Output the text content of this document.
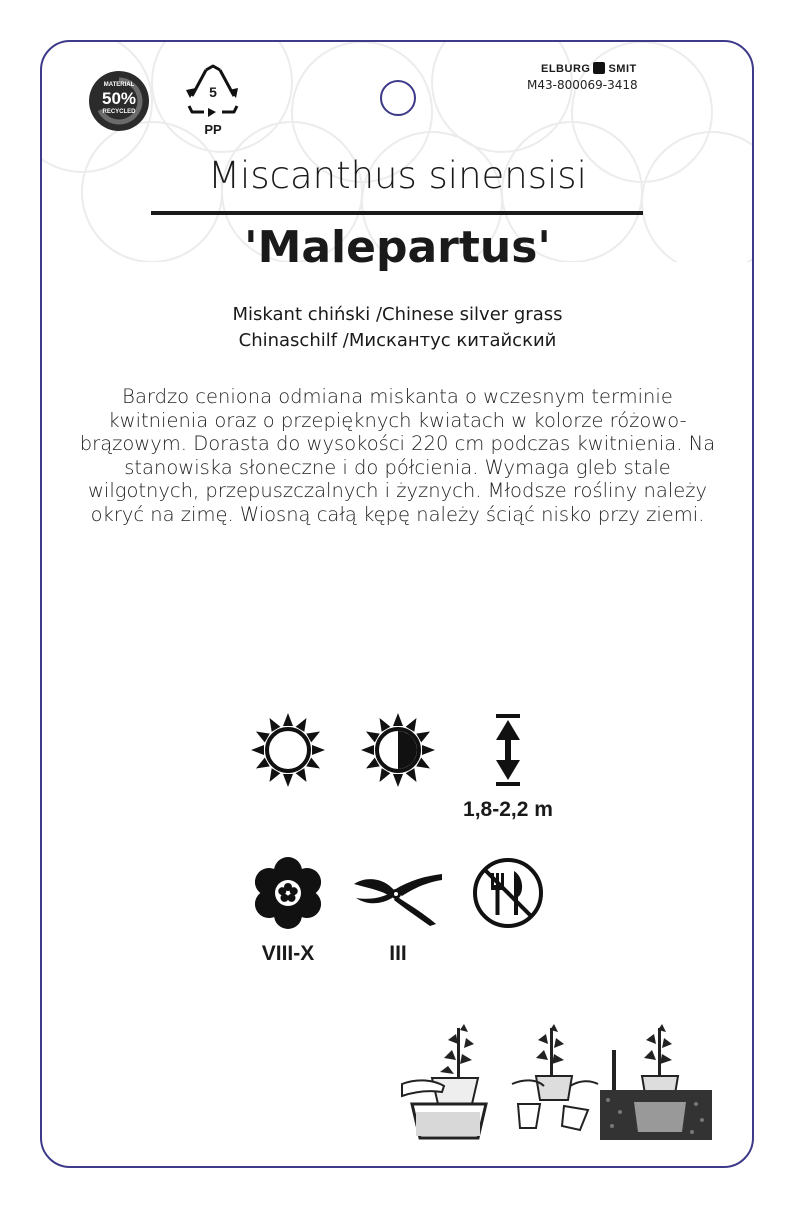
MATERIAL
50%
RECYCLED
5
PP
ELBURG SMIT
M43-800069-3418
Miscanthus sinensisi
'Malepartus'
Miskant chiński /Chinese silver grass
Chinaschilf /Мискантус китайский
Bardzo ceniona odmiana miskanta o wczesnym terminie kwitnienia oraz o przepięknych kwiatach w kolorze różowo-brązowym. Dorasta do wysokości 220 cm podczas kwitnienia. Na stanowiska słoneczne i do półcienia. Wymaga gleb stale wilgotnych, przepuszczalnych i żyznych. Młodsze rośliny należy okryć na zimę. Wiosną całą kępę należy ściąć nisko przy ziemi.
1,8-2,2 m
VIII-X	III
